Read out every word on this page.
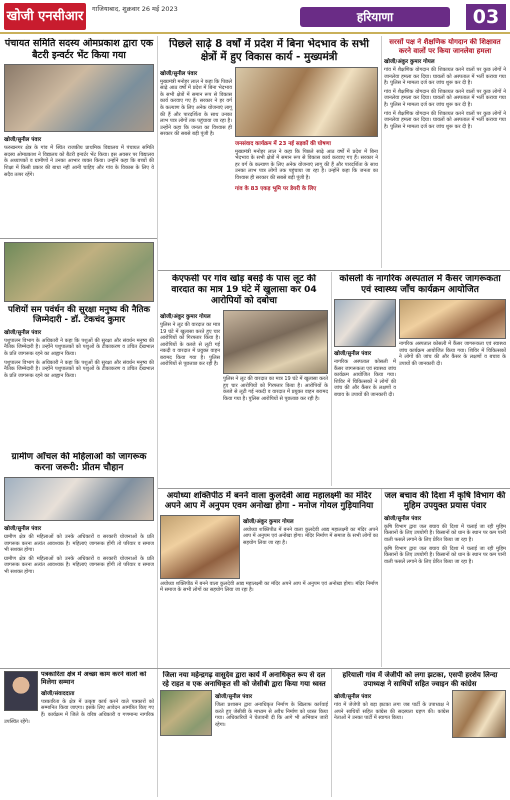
खोजी एनसीआर	गाजियाबाद, शुक्रवार 26 मई 2023
हरियाणा	03
पंचायत समिति सदस्य ओमप्रकाश द्वारा एक बैटरी इन्वर्टर भेंट किया गया
खोजी/सुनील पंवार
फरुखनगर क्षेत्र के गांव में स्थित राजकीय प्राथमिक विद्यालय में पंचायत समिति सदस्य ओमप्रकाश ने विद्यालय को बैटरी इन्वर्टर भेंट किया। इस अवसर पर विद्यालय के अध्यापकों व ग्रामीणों ने उनका आभार व्यक्त किया। उन्होंने कहा कि बच्चों की शिक्षा में किसी प्रकार की बाधा नहीं आनी चाहिए और गांव के विकास के लिए वे सदैव तत्पर रहेंगे।
पिछले साढ़े 8 वर्षों में प्रदेश में बिना भेदभाव के सभी क्षेत्रों में हुए विकास कार्य - मुख्यमंत्री
खोजी/सुनील पंवार
मुख्यमंत्री मनोहर लाल ने कहा कि पिछले साढ़े आठ वर्षों में प्रदेश में बिना भेदभाव के सभी क्षेत्रों में समान रूप से विकास कार्य करवाए गए हैं। सरकार ने हर वर्ग के कल्याण के लिए अनेक योजनाएं लागू की हैं और पारदर्शिता के साथ उनका लाभ पात्र लोगों तक पहुंचाया जा रहा है। उन्होंने कहा कि जनता का विश्वास ही सरकार की सबसे बड़ी पूंजी है।
जनसंवाद कार्यक्रम में 23 नई सड़कों की घोषणा
मुख्यमंत्री मनोहर लाल ने कहा कि पिछले साढ़े आठ वर्षों में प्रदेश में बिना भेदभाव के सभी क्षेत्रों में समान रूप से विकास कार्य करवाए गए हैं। सरकार ने हर वर्ग के कल्याण के लिए अनेक योजनाएं लागू की हैं और पारदर्शिता के साथ उनका लाभ पात्र लोगों तक पहुंचाया जा रहा है। उन्होंने कहा कि जनता का विश्वास ही सरकार की सबसे बड़ी पूंजी है।
गांव के 83 एकड़ भूमि पर डेयरी के लिए
सरसों पक्ष ने शैक्षणिक योगदान की शिक्षावत करने वालों पर किया जानलेवा हमला
खोजी/अंकुर कुमार गोयल
गांव में शैक्षणिक योगदान की शिकायत करने वालों पर कुछ लोगों ने जानलेवा हमला कर दिया। घायलों को अस्पताल में भर्ती कराया गया है। पुलिस ने मामला दर्ज कर जांच शुरू कर दी है।
गांव में शैक्षणिक योगदान की शिकायत करने वालों पर कुछ लोगों ने जानलेवा हमला कर दिया। घायलों को अस्पताल में भर्ती कराया गया है। पुलिस ने मामला दर्ज कर जांच शुरू कर दी है।
गांव में शैक्षणिक योगदान की शिकायत करने वालों पर कुछ लोगों ने जानलेवा हमला कर दिया। घायलों को अस्पताल में भर्ती कराया गया है। पुलिस ने मामला दर्ज कर जांच शुरू कर दी है।
पशियों सम पवंर्धन की सुरक्षा मनुष्य की नैतिक जिम्मेदारी - डॉ. टेकचंद कुमार
खोजी/सुनील पंवार
पशुपालन विभाग के अधिकारी ने कहा कि पशुओं की सुरक्षा और संवर्धन मनुष्य की नैतिक जिम्मेदारी है। उन्होंने पशुपालकों को पशुओं के टीकाकरण व उचित देखभाल के प्रति जागरूक रहने का आह्वान किया।
पशुपालन विभाग के अधिकारी ने कहा कि पशुओं की सुरक्षा और संवर्धन मनुष्य की नैतिक जिम्मेदारी है। उन्होंने पशुपालकों को पशुओं के टीकाकरण व उचित देखभाल के प्रति जागरूक रहने का आह्वान किया।
केएफसी पर गांव खोड़ बसई के पास लूट की वारदात का मात्र 19 घंटे में खुलासा कर 04 आरोपियों को दबोचा
खोजी/अंकुर कुमार गोयल
पुलिस ने लूट की वारदात का मात्र 19 घंटे में खुलासा करते हुए चार आरोपियों को गिरफ्तार किया है। आरोपियों के कब्जे से लूटी गई नकदी व वारदात में प्रयुक्त वाहन बरामद किया गया है। पुलिस आरोपियों से पूछताछ कर रही है।
पुलिस ने लूट की वारदात का मात्र 19 घंटे में खुलासा करते हुए चार आरोपियों को गिरफ्तार किया है। आरोपियों के कब्जे से लूटी गई नकदी व वारदात में प्रयुक्त वाहन बरामद किया गया है। पुलिस आरोपियों से पूछताछ कर रही है।
कोसली के नागरिक अस्पताल में कैंसर जागरूकता एवं स्वास्थ्य जाँच कार्यक्रम आयोजित
खोजी/सुनील पंवार
नागरिक अस्पताल कोसली में कैंसर जागरूकता एवं स्वास्थ्य जांच कार्यक्रम आयोजित किया गया। शिविर में चिकित्सकों ने लोगों की जांच की और कैंसर के लक्षणों व बचाव के उपायों की जानकारी दी।
नागरिक अस्पताल कोसली में कैंसर जागरूकता एवं स्वास्थ्य जांच कार्यक्रम आयोजित किया गया। शिविर में चिकित्सकों ने लोगों की जांच की और कैंसर के लक्षणों व बचाव के उपायों की जानकारी दी।
ग्रामीण आँचल की महिलाओं को जागरूक करना जरूरी: प्रीतम चौहान
खोजी/सुनील पंवार
ग्रामीण क्षेत्र की महिलाओं को उनके अधिकारों व सरकारी योजनाओं के प्रति जागरूक करना अत्यंत आवश्यक है। महिलाएं जागरूक होंगी तो परिवार व समाज भी सशक्त होगा।
ग्रामीण क्षेत्र की महिलाओं को उनके अधिकारों व सरकारी योजनाओं के प्रति जागरूक करना अत्यंत आवश्यक है। महिलाएं जागरूक होंगी तो परिवार व समाज भी सशक्त होगा।
अयोध्या शक्तिपीठ में बनने वाला कुलदेवी आद्य महालक्ष्मी का मंदिर अपने आप में अनुपम एवम अनोखा होगा - मनोज गोयल गुड़ियानिया
खोजी/अंकुर कुमार गोयल
अयोध्या शक्तिपीठ में बनने वाला कुलदेवी आद्य महालक्ष्मी का मंदिर अपने आप में अनुपम एवं अनोखा होगा। मंदिर निर्माण में समाज के सभी लोगों का सहयोग लिया जा रहा है।
अयोध्या शक्तिपीठ में बनने वाला कुलदेवी आद्य महालक्ष्मी का मंदिर अपने आप में अनुपम एवं अनोखा होगा। मंदिर निर्माण में समाज के सभी लोगों का सहयोग लिया जा रहा है।
जल बचाव की दिशा में कृषि विभाग की मुहिम उपयुक्त प्रयास पंवार
खोजी/सुनील पंवार
कृषि विभाग द्वारा जल बचाव की दिशा में चलाई जा रही मुहिम किसानों के लिए उपयोगी है। किसानों को धान के स्थान पर कम पानी वाली फसलें लगाने के लिए प्रेरित किया जा रहा है।
कृषि विभाग द्वारा जल बचाव की दिशा में चलाई जा रही मुहिम किसानों के लिए उपयोगी है। किसानों को धान के स्थान पर कम पानी वाली फसलें लगाने के लिए प्रेरित किया जा रहा है।
पत्रकारिता क्षेत्र में अच्छा काम करने वालों को मिलेगा सम्मान
खोजी/संवाददाता
पत्रकारिता के क्षेत्र में उत्कृष्ट कार्य करने वाले पत्रकारों को सम्मानित किया जाएगा। इसके लिए आवेदन आमंत्रित किए गए हैं। कार्यक्रम में जिले के वरिष्ठ अधिकारी व गणमान्य नागरिक उपस्थित रहेंगे।
जिला नया महेन्द्रगढ़ वासुदेव द्वारा कार्य में अनाधिकृत रूप से दल रहे राहत व एक अनाधिकृत सी को जेसीबी द्वारा किया गया ध्वस्त
खोजी/सुनील पंवार
जिला प्रशासन द्वारा अनाधिकृत निर्माण के खिलाफ कार्रवाई करते हुए जेसीबी के माध्यम से अवैध निर्माण को ध्वस्त किया गया। अधिकारियों ने चेतावनी दी कि आगे भी अभियान जारी रहेगा।
हरियाली गांव में जेजीपी को लगा झटका, एसपी हरशेय लिन्दा उपाध्यक्ष ने साथियों सहित ज्वाइन की कांग्रेस
खोजी/सुनील पंवार
गांव में जेजेपी को बड़ा झटका लगा जब पार्टी के उपाध्यक्ष ने अपने साथियों सहित कांग्रेस की सदस्यता ग्रहण की। कांग्रेस नेताओं ने उनका पार्टी में स्वागत किया।
